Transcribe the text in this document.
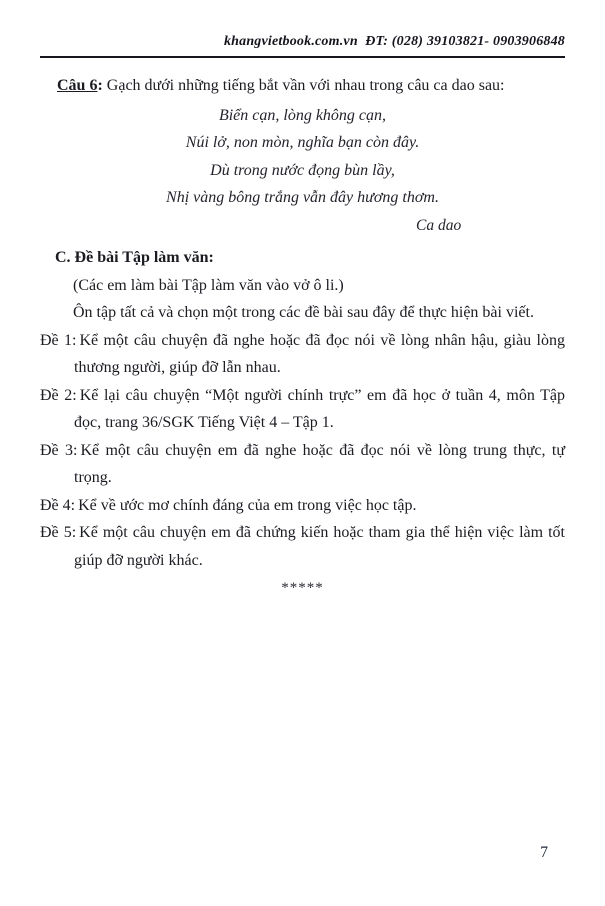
khangvietbook.com.vn  ĐT: (028) 39103821- 0903906848

Câu 6: Gạch dưới những tiếng bắt vần với nhau trong câu ca dao sau:

Biển cạn, lòng không cạn,
Núi lở, non mòn, nghĩa bạn còn đây.
Dù trong nước đọng bùn lầy,
Nhị vàng bông trắng vẫn đây hương thơm.
Ca dao
C. Đề bài Tập làm văn:

(Các em làm bài Tập làm văn vào vở ô li.)

Ôn tập tất cả và chọn một trong các đề bài sau đây để thực hiện bài viết.

Đề 1: Kể một câu chuyện đã nghe hoặc đã đọc nói về lòng nhân hậu, giàu lòng thương người, giúp đỡ lẫn nhau.

Đề 2: Kể lại câu chuyện “Một người chính trực” em đã học ở tuần 4, môn Tập đọc, trang 36/SGK Tiếng Việt 4 – Tập 1.

Đề 3: Kể một câu chuyện em đã nghe hoặc đã đọc nói về lòng trung thực, tự trọng.

Đề 4: Kể về ước mơ chính đáng của em trong việc học tập.

Đề 5: Kể một câu chuyện em đã chứng kiến hoặc tham gia thể hiện việc làm tốt giúp đỡ người khác.

*****
7
